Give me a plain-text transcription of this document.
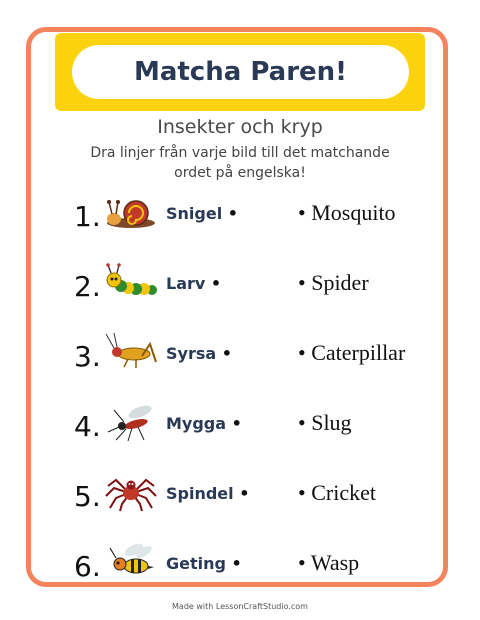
Matcha Paren!
Insekter och kryp
Dra linjer från varje bild till det matchande
ordet på engelska!
1.	Snigel •	• Mosquito
2.	Larv •	• Spider
3.	Syrsa •	• Caterpillar
4.	Mygga •	• Slug
5.	Spindel • • Cricket
6.	Geting •	• Wasp
Made with LessonCraftStudio.com
